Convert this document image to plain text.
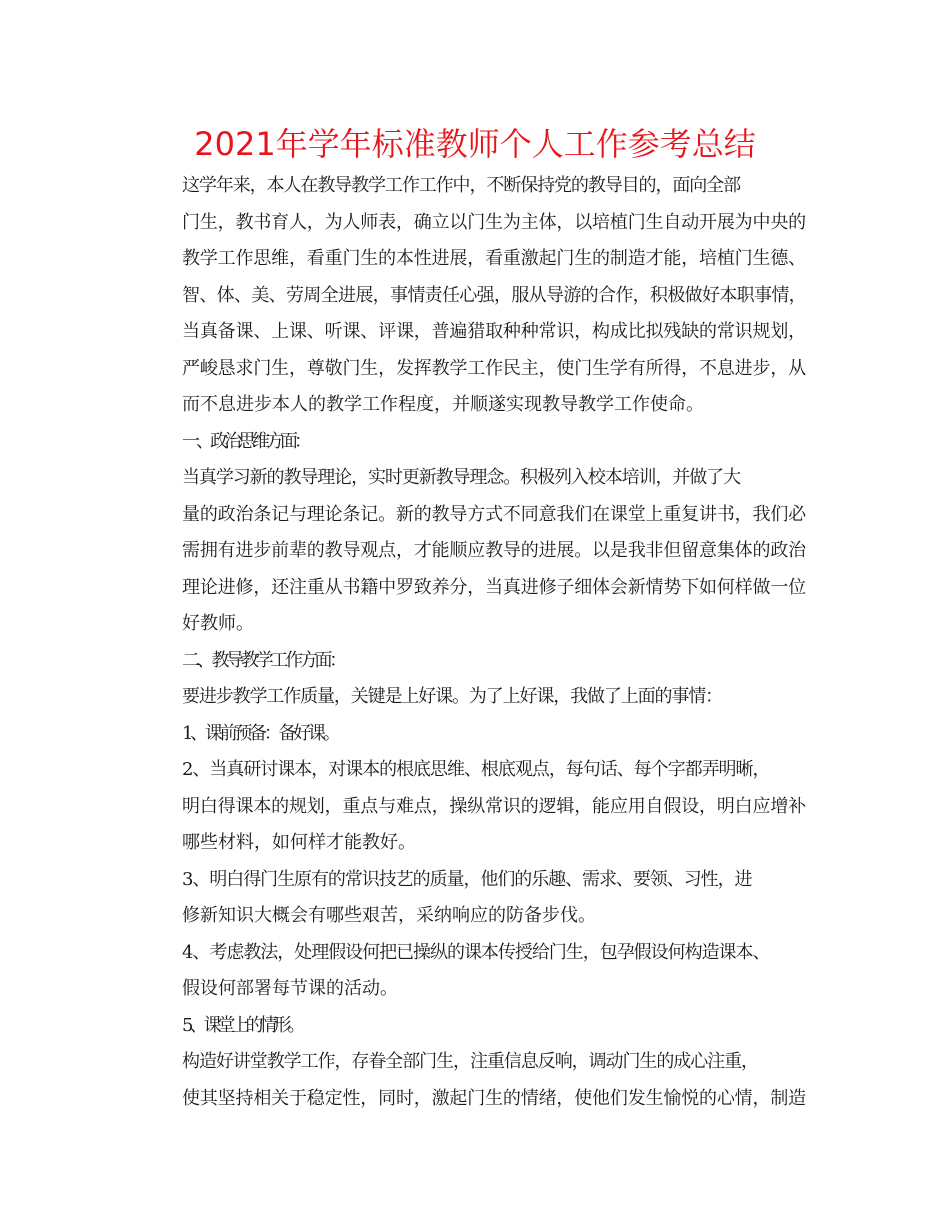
2021年学年标准教师个人工作参考总结

这学年来，本人在教导教学工作工作中，不断保持党的教导目的，面向全部
门生，教书育人，为人师表，确立以门生为主体，以培植门生自动开展为中央的
教学工作思维，看重门生的本性进展，看重激起门生的制造才能，培植门生德、
智、体、美、劳周全进展，事情责任心强，服从导游的合作，积极做好本职事情，
当真备课、上课、听课、评课，普遍猎取种种常识，构成比拟残缺的常识规划，
严峻恳求门生，尊敬门生，发挥教学工作民主，使门生学有所得，不息进步，从
而不息进步本人的教学工作程度，并顺遂实现教导教学工作使命。

一、政治思维方面：

当真学习新的教导理论，实时更新教导理念。积极列入校本培训，并做了大
量的政治条记与理论条记。新的教导方式不同意我们在课堂上重复讲书，我们必
需拥有进步前辈的教导观点，才能顺应教导的进展。以是我非但留意集体的政治
理论进修，还注重从书籍中罗致养分，当真进修子细体会新情势下如何样做一位
好教师。

二、教导教学工作方面：

要进步教学工作质量，关键是上好课。为了上好课，我做了上面的事情：

1、课前预备：备好课。

2、当真研讨课本，对课本的根底思维、根底观点，每句话、每个字都弄明晰，
明白得课本的规划，重点与难点，操纵常识的逻辑，能应用自假设，明白应增补
哪些材料，如何样才能教好。

3、明白得门生原有的常识技艺的质量，他们的乐趣、需求、要领、习性，进
修新知识大概会有哪些艰苦，采纳响应的防备步伐。

4、考虑教法，处理假设何把已操纵的课本传授给门生，包孕假设何构造课本、
假设何部署每节课的活动。

5、课堂上的情形。

构造好讲堂教学工作，存眷全部门生，注重信息反响，调动门生的成心注重，
使其坚持相关于稳定性，同时，激起门生的情绪，使他们发生愉悦的心情，制造
